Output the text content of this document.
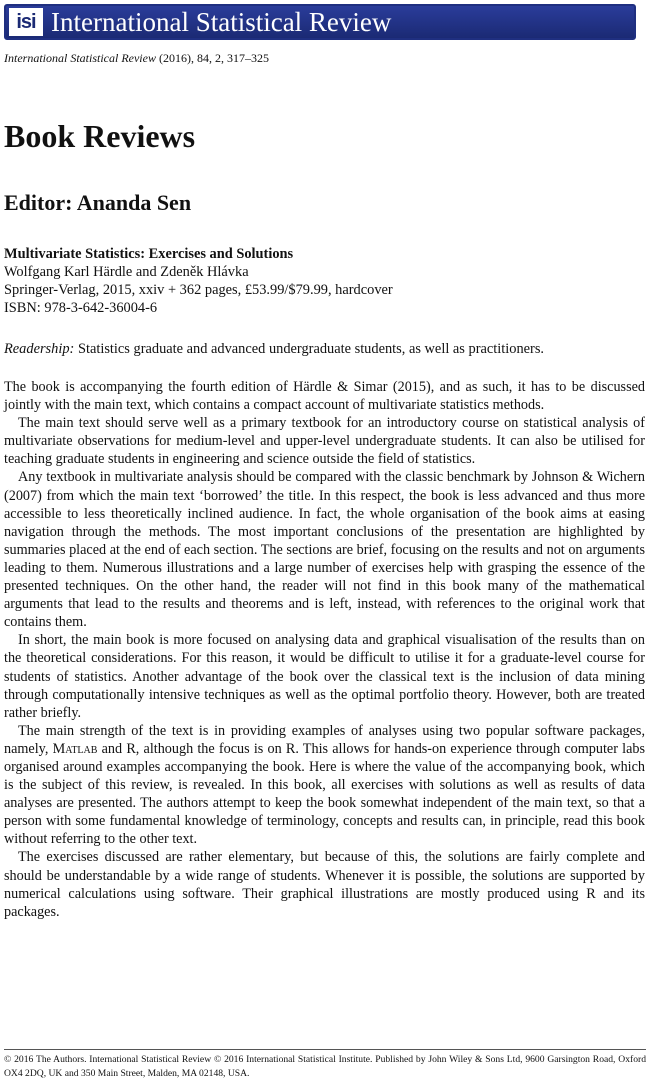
isi International Statistical Review
International Statistical Review (2016), 84, 2, 317–325
Book Reviews
Editor: Ananda Sen
Multivariate Statistics: Exercises and Solutions
Wolfgang Karl Härdle and Zdeněk Hlávka
Springer-Verlag, 2015, xxiv + 362 pages, £53.99/$79.99, hardcover
ISBN: 978-3-642-36004-6
Readership: Statistics graduate and advanced undergraduate students, as well as practitioners.

The book is accompanying the fourth edition of Härdle & Simar (2015), and as such, it has to be discussed jointly with the main text, which contains a compact account of multivariate statistics methods.

The main text should serve well as a primary textbook for an introductory course on statistical analysis of multivariate observations for medium-level and upper-level undergraduate students. It can also be utilised for teaching graduate students in engineering and science outside the field of statistics.

Any textbook in multivariate analysis should be compared with the classic benchmark by Johnson & Wichern (2007) from which the main text ‘borrowed’ the title. In this respect, the book is less advanced and thus more accessible to less theoretically inclined audience. In fact, the whole organisation of the book aims at easing navigation through the methods. The most important conclusions of the presentation are highlighted by summaries placed at the end of each section. The sections are brief, focusing on the results and not on arguments leading to them. Numerous illustrations and a large number of exercises help with grasping the essence of the presented techniques. On the other hand, the reader will not find in this book many of the mathematical arguments that lead to the results and theorems and is left, instead, with references to the original work that contains them.

In short, the main book is more focused on analysing data and graphical visualisation of the results than on the theoretical considerations. For this reason, it would be difficult to utilise it for a graduate-level course for students of statistics. Another advantage of the book over the classical text is the inclusion of data mining through computationally intensive techniques as well as the optimal portfolio theory. However, both are treated rather briefly.

The main strength of the text is in providing examples of analyses using two popular software packages, namely, Matlab and R, although the focus is on R. This allows for hands-on experience through computer labs organised around examples accompanying the book. Here is where the value of the accompanying book, which is the subject of this review, is revealed. In this book, all exercises with solutions as well as results of data analyses are presented. The authors attempt to keep the book somewhat independent of the main text, so that a person with some fundamental knowledge of terminology, concepts and results can, in principle, read this book without referring to the other text.

The exercises discussed are rather elementary, but because of this, the solutions are fairly complete and should be understandable by a wide range of students. Whenever it is possible, the solutions are supported by numerical calculations using software. Their graphical illustrations are mostly produced using R and its packages.

© 2016 The Authors. International Statistical Review © 2016 International Statistical Institute. Published by John Wiley & Sons Ltd, 9600 Garsington Road, Oxford OX4 2DQ, UK and 350 Main Street, Malden, MA 02148, USA.
